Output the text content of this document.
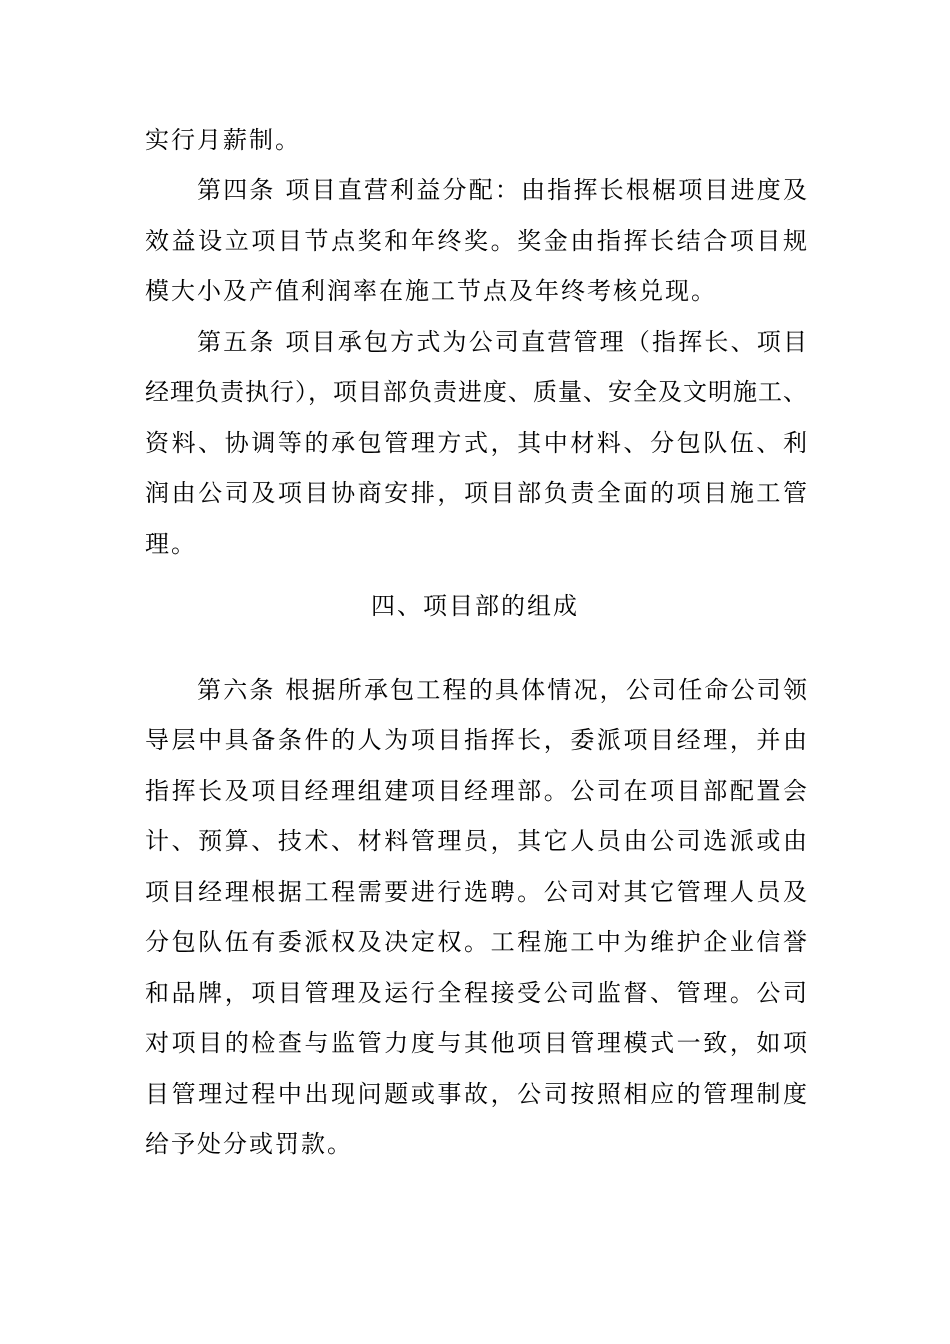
实行月薪制。
第四条 项目直营利益分配：由指挥长根椐项目进度及
效益设立项目节点奖和年终奖。奖金由指挥长结合项目规
模大小及产值利润率在施工节点及年终考核兑现。
第五条 项目承包方式为公司直营管理（指挥长、项目
经理负责执行），项目部负责进度、质量、安全及文明施工、
资料、协调等的承包管理方式，其中材料、分包队伍、利
润由公司及项目协商安排，项目部负责全面的项目施工管
理。
四、项目部的组成
第六条 根据所承包工程的具体情况，公司任命公司领
导层中具备条件的人为项目指挥长，委派项目经理，并由
指挥长及项目经理组建项目经理部。公司在项目部配置会
计、预算、技术、材料管理员，其它人员由公司选派或由
项目经理根据工程需要进行选聘。公司对其它管理人员及
分包队伍有委派权及决定权。工程施工中为维护企业信誉
和品牌，项目管理及运行全程接受公司监督、管理。公司
对项目的检查与监管力度与其他项目管理模式一致，如项
目管理过程中出现问题或事故，公司按照相应的管理制度
给予处分或罚款。
